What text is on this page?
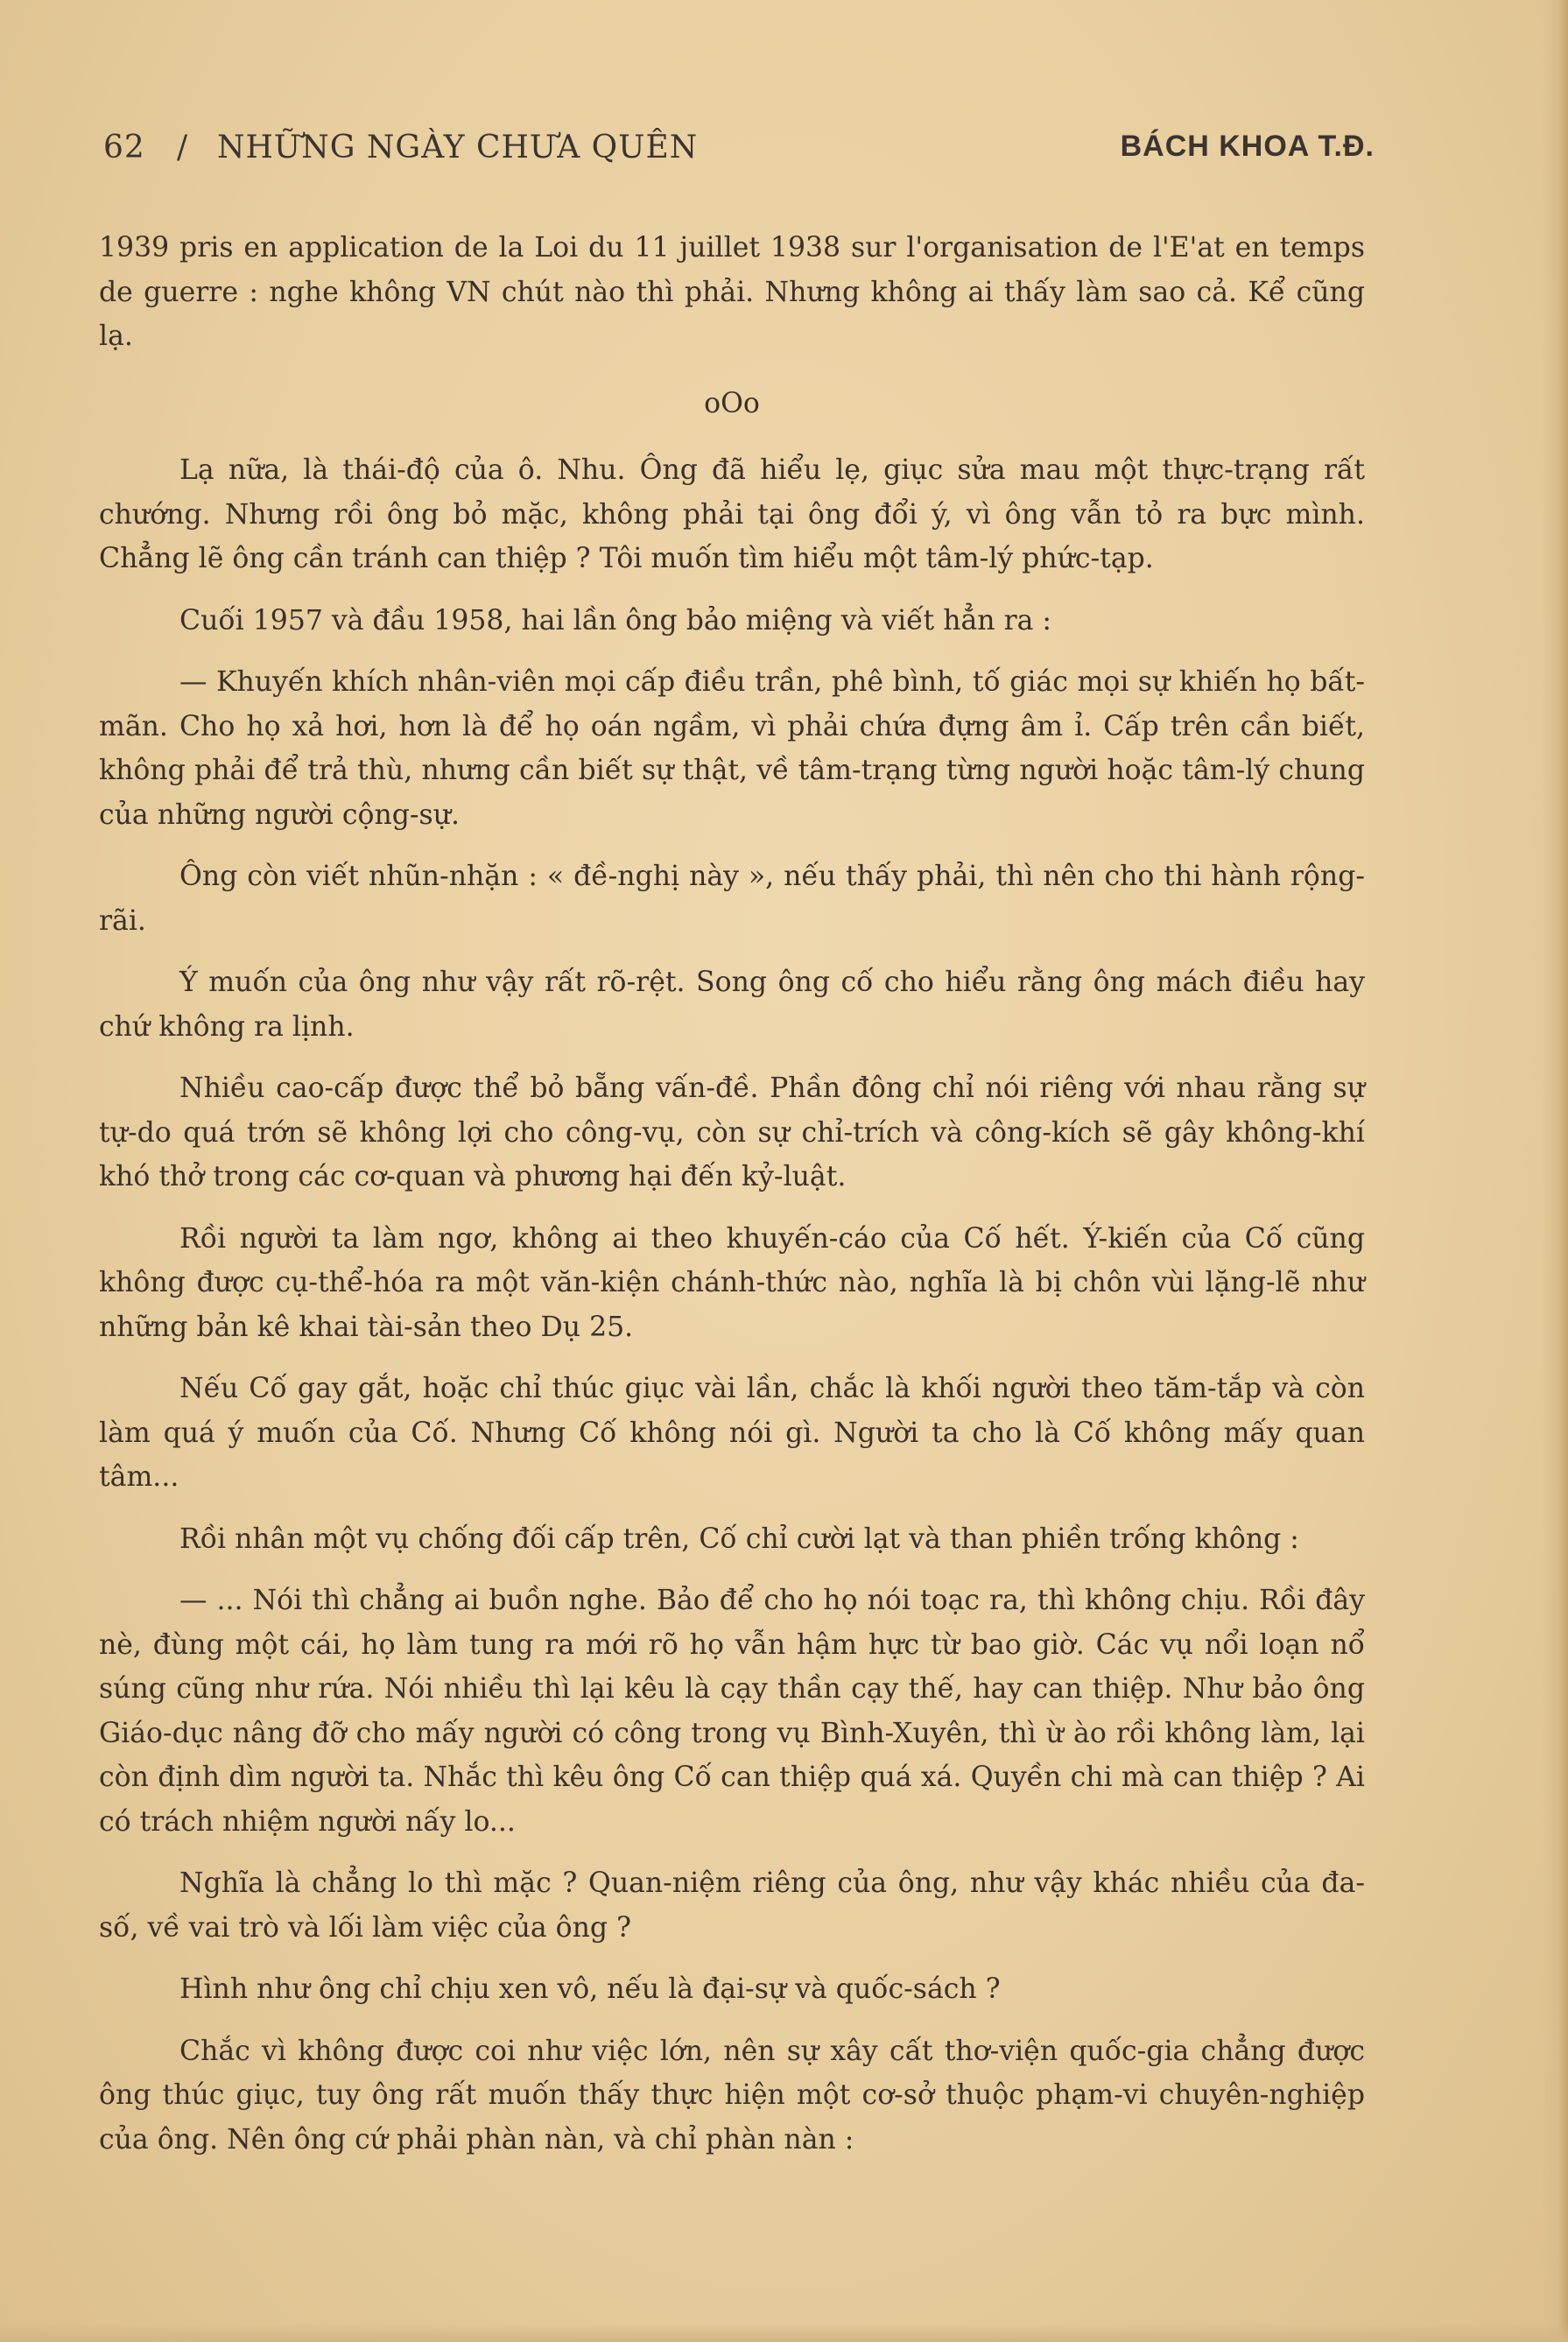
62 / NHỮNG NGÀY CHƯA QUÊN	BÁCH KHOA T.Đ.

1939 pris en application de la Loi du 11 juillet 1938 sur l'organisation de l'E'at en temps de guerre : nghe không VN chút nào thì phải. Nhưng không ai thấy làm sao cả. Kể cũng lạ.

oOo

Lạ nữa, là thái-độ của ô. Nhu. Ông đã hiểu lẹ, giục sửa mau một thực-trạng rất chướng. Nhưng rồi ông bỏ mặc, không phải tại ông đổi ý, vì ông vẫn tỏ ra bực mình. Chẳng lẽ ông cần tránh can thiệp ? Tôi muốn tìm hiểu một tâm-lý phức-tạp.

Cuối 1957 và đầu 1958, hai lần ông bảo miệng và viết hẳn ra :

— Khuyến khích nhân-viên mọi cấp điều trần, phê bình, tố giác mọi sự khiến họ bất-mãn. Cho họ xả hơi, hơn là để họ oán ngầm, vì phải chứa đựng âm ỉ. Cấp trên cần biết, không phải để trả thù, nhưng cần biết sự thật, về tâm-trạng từng người hoặc tâm-lý chung của những người cộng-sự.

Ông còn viết nhũn-nhặn : « đề-nghị này », nếu thấy phải, thì nên cho thi hành rộng-rãi.

Ý muốn của ông như vậy rất rõ-rệt. Song ông cố cho hiểu rằng ông mách điều hay chứ không ra lịnh.

Nhiều cao-cấp được thể bỏ bẵng vấn-đề. Phần đông chỉ nói riêng với nhau rằng sự tự-do quá trớn sẽ không lợi cho công-vụ, còn sự chỉ-trích và công-kích sẽ gây không-khí khó thở trong các cơ-quan và phương hại đến kỷ-luật.

Rồi người ta làm ngơ, không ai theo khuyến-cáo của Cố hết. Ý-kiến của Cố cũng không được cụ-thể-hóa ra một văn-kiện chánh-thức nào, nghĩa là bị chôn vùi lặng-lẽ như những bản kê khai tài-sản theo Dụ 25.

Nếu Cố gay gắt, hoặc chỉ thúc giục vài lần, chắc là khối người theo tăm-tắp và còn làm quá ý muốn của Cố. Nhưng Cố không nói gì. Người ta cho là Cố không mấy quan tâm...

Rồi nhân một vụ chống đối cấp trên, Cố chỉ cười lạt và than phiền trống không :

— ... Nói thì chẳng ai buồn nghe. Bảo để cho họ nói toạc ra, thì không chịu. Rồi đây nè, đùng một cái, họ làm tung ra mới rõ họ vẫn hậm hực từ bao giờ. Các vụ nổi loạn nổ súng cũng như rứa. Nói nhiều thì lại kêu là cạy thần cạy thế, hay can thiệp. Như bảo ông Giáo-dục nâng đỡ cho mấy người có công trong vụ Bình-Xuyên, thì ừ ào rồi không làm, lại còn định dìm người ta. Nhắc thì kêu ông Cố can thiệp quá xá. Quyền chi mà can thiệp ? Ai có trách nhiệm người nấy lo...

Nghĩa là chẳng lo thì mặc ? Quan-niệm riêng của ông, như vậy khác nhiều của đa-số, về vai trò và lối làm việc của ông ?

Hình như ông chỉ chịu xen vô, nếu là đại-sự và quốc-sách ?

Chắc vì không được coi như việc lớn, nên sự xây cất thơ-viện quốc-gia chẳng được ông thúc giục, tuy ông rất muốn thấy thực hiện một cơ-sở thuộc phạm-vi chuyên-nghiệp của ông. Nên ông cứ phải phàn nàn, và chỉ phàn nàn :
